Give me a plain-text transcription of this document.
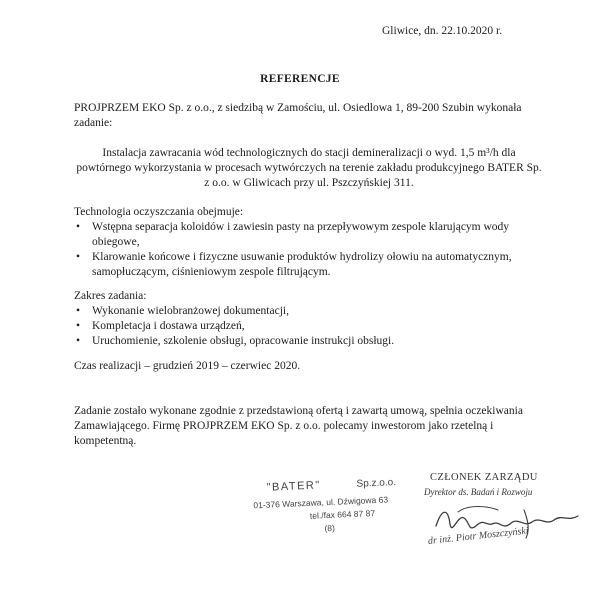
Gliwice, dn. 22.10.2020 r.
REFERENCJE
PROJPRZEM EKO Sp. z o.o., z siedzibą w Zamościu, ul. Osiedlowa 1, 89-200 Szubin wykonała zadanie:
Instalacja zawracania wód technologicznych do stacji demineralizacji o wyd. 1,5 m³/h dla powtórnego wykorzystania w procesach wytwórczych na terenie zakładu produkcyjnego BATER Sp. z o.o. w Gliwicach przy ul. Pszczyńskiej 311.
Technologia oczyszczania obejmuje:
• Wstępna separacja koloidów i zawiesin pasty na przepływowym zespole klarującym wody obiegowe,
• Klarowanie końcowe i fizyczne usuwanie produktów hydrolizy ołowiu na automatycznym, samopłuczącym, ciśnieniowym zespole filtrującym.
Zakres zadania:
• Wykonanie wielobranżowej dokumentacji,
• Kompletacja i dostawa urządzeń,
• Uruchomienie, szkolenie obsługi, opracowanie instrukcji obsługi.
Czas realizacji – grudzień 2019 – czerwiec 2020.
Zadanie zostało wykonane zgodnie z przedstawioną ofertą i zawartą umową, spełnia oczekiwania Zamawiającego. Firmę PROJPRZEM EKO Sp. z o.o. polecamy inwestorom jako rzetelną i kompetentną.
"BATER"	Sp.z.o.o.
01-376 Warszawa, ul. Dźwigowa 63
tel./fax 664 87 87
(8)
CZŁONEK ZARZĄDU
Dyrektor ds. Badań i Rozwoju
dr inż. Piotr Moszczyński
